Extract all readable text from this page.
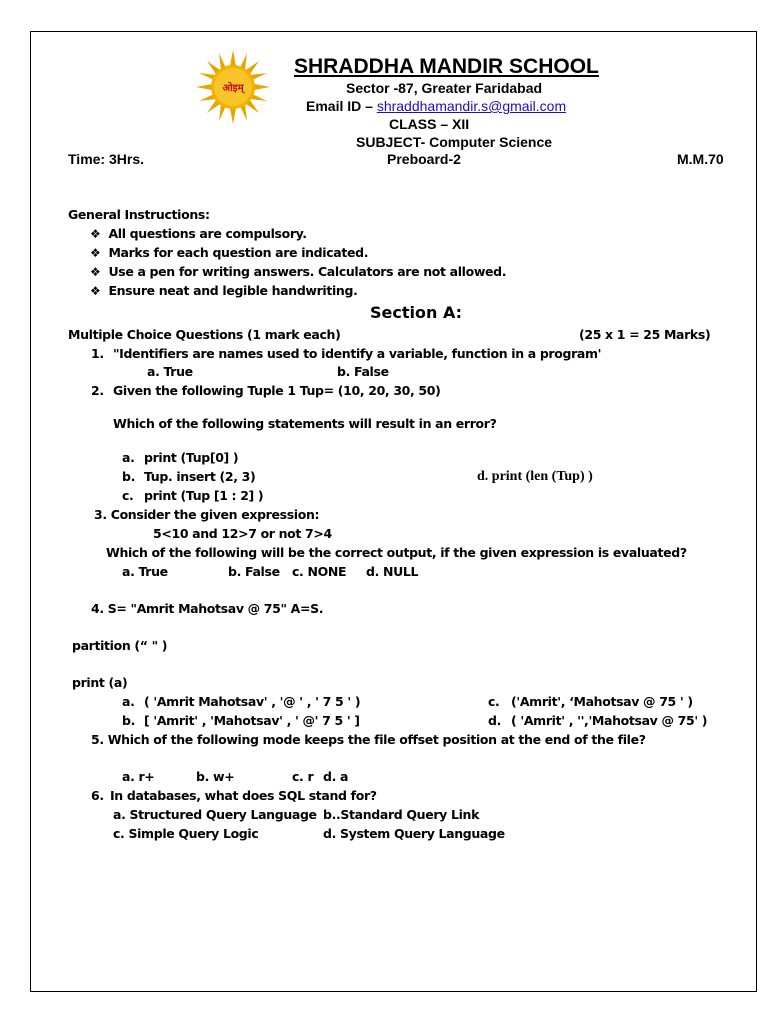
ओइम्
SHRADDHA MANDIR SCHOOL
Sector -87, Greater Faridabad
Email ID – shraddhamandir.s@gmail.com
CLASS – XII
SUBJECT- Computer Science
Time: 3Hrs.	Preboard-2	M.M.70
General Instructions:
❖ All questions are compulsory.
❖ Marks for each question are indicated.
❖ Use a pen for writing answers. Calculators are not allowed.
❖ Ensure neat and legible handwriting.
Section A:
Multiple Choice Questions (1 mark each)	(25 x 1 = 25 Marks)
1. "Identifiers are names used to identify a variable, function in a program'
a. True	b. False
2. Given the following Tuple 1 Tup= (10, 20, 30, 50)
Which of the following statements will result in an error?
a. print (Tup[0] )
b. Tup. insert (2, 3)	d. print (len (Tup) )
c. print (Tup [1 : 2] )
3. Consider the given expression:
5<10 and 12>7 or not 7>4
Which of the following will be the correct output, if the given expression is evaluated?
a. True	b. False c. NONE d. NULL
4. S= "Amrit Mahotsav @ 75" A=S.
partition (“ " )
print (a)
a. ( 'Amrit Mahotsav' , '@ ' , ' 7 5 ' )	c. ('Amrit', ‘Mahotsav @ 75 ' )
b. [ 'Amrit' , 'Mahotsav' , ' @' 7 5 ' ]	d. ( 'Amrit' , '','Mahotsav @ 75' )
5. Which of the following mode keeps the file offset position at the end of the file?
a. r+	b. w+	c. r d. a
6. In databases, what does SQL stand for?
a. Structured Query Language b..Standard Query Link
c. Simple Query Logic	d. System Query Language
